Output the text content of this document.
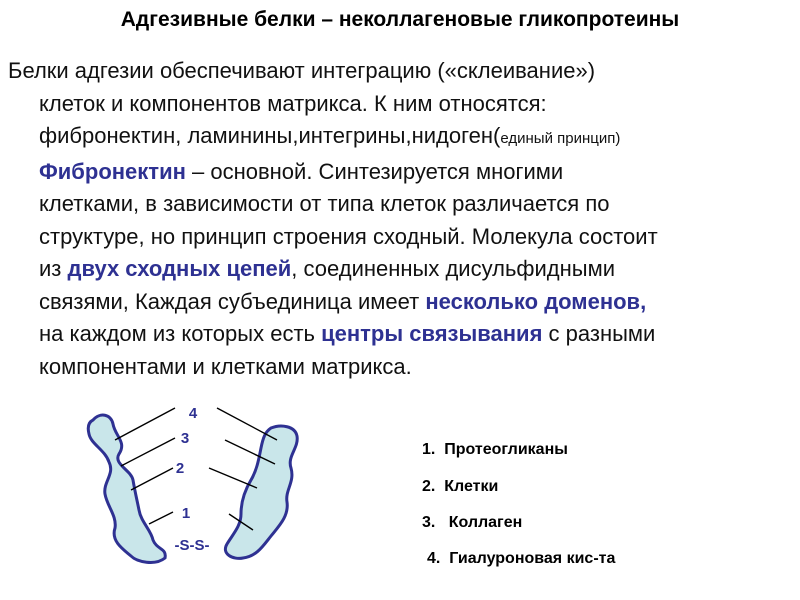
Адгезивные белки – неколлагеновые гликопротеины
Белки адгезии обеспечивают интеграцию («склеивание»)
клеток и компонентов матрикса. К ним относятся:
фибронектин, ламинины,интегрины,нидоген(единый принцип)
Фибронектин – основной. Синтезируется многими
клетками, в зависимости от типа клеток различается по
структуре, но принцип строения сходный. Молекула состоит
из двух сходных цепей, соединенных дисульфидными
связями, Каждая субъединица имеет несколько доменов,
на каждом из которых есть центры связывания с разными
компонентами и клетками матрикса.
4
3
2
1
-S-S-
1. Протеогликаны
2. Клетки
3. Коллаген
4. Гиалуроновая кис-та
